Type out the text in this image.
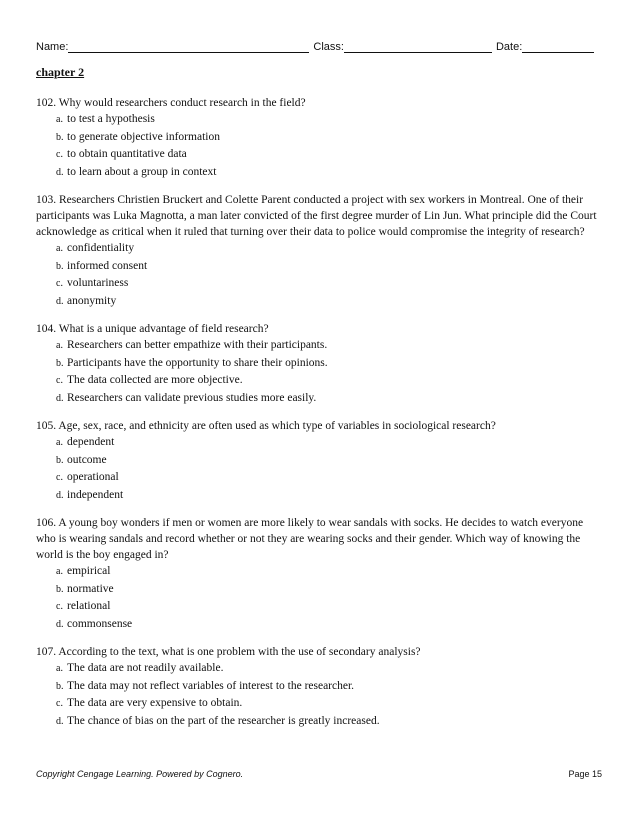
Name:	Class:	Date:
chapter 2

102. Why would researchers conduct research in the field?

a. to test a hypothesis
b. to generate objective information
c. to obtain quantitative data
d. to learn about a group in context

103. Researchers Christien Bruckert and Colette Parent conducted a project with sex workers in Montreal. One of their participants was Luka Magnotta, a man later convicted of the first degree murder of Lin Jun. What principle did the Court acknowledge as critical when it ruled that turning over their data to police would compromise the integrity of research?

a. confidentiality
b. informed consent
c. voluntariness
d. anonymity

104. What is a unique advantage of field research?

a. Researchers can better empathize with their participants.
b. Participants have the opportunity to share their opinions.
c. The data collected are more objective.
d. Researchers can validate previous studies more easily.

105. Age, sex, race, and ethnicity are often used as which type of variables in sociological research?

a. dependent
b. outcome
c. operational
d. independent

106. A young boy wonders if men or women are more likely to wear sandals with socks. He decides to watch everyone who is wearing sandals and record whether or not they are wearing socks and their gender. Which way of knowing the world is the boy engaged in?

a. empirical
b. normative
c. relational
d. commonsense

107. According to the text, what is one problem with the use of secondary analysis?

a. The data are not readily available.
b. The data may not reflect variables of interest to the researcher.
c. The data are very expensive to obtain.
d. The chance of bias on the part of the researcher is greatly increased.
Copyright Cengage Learning. Powered by Cognero.	Page 15
